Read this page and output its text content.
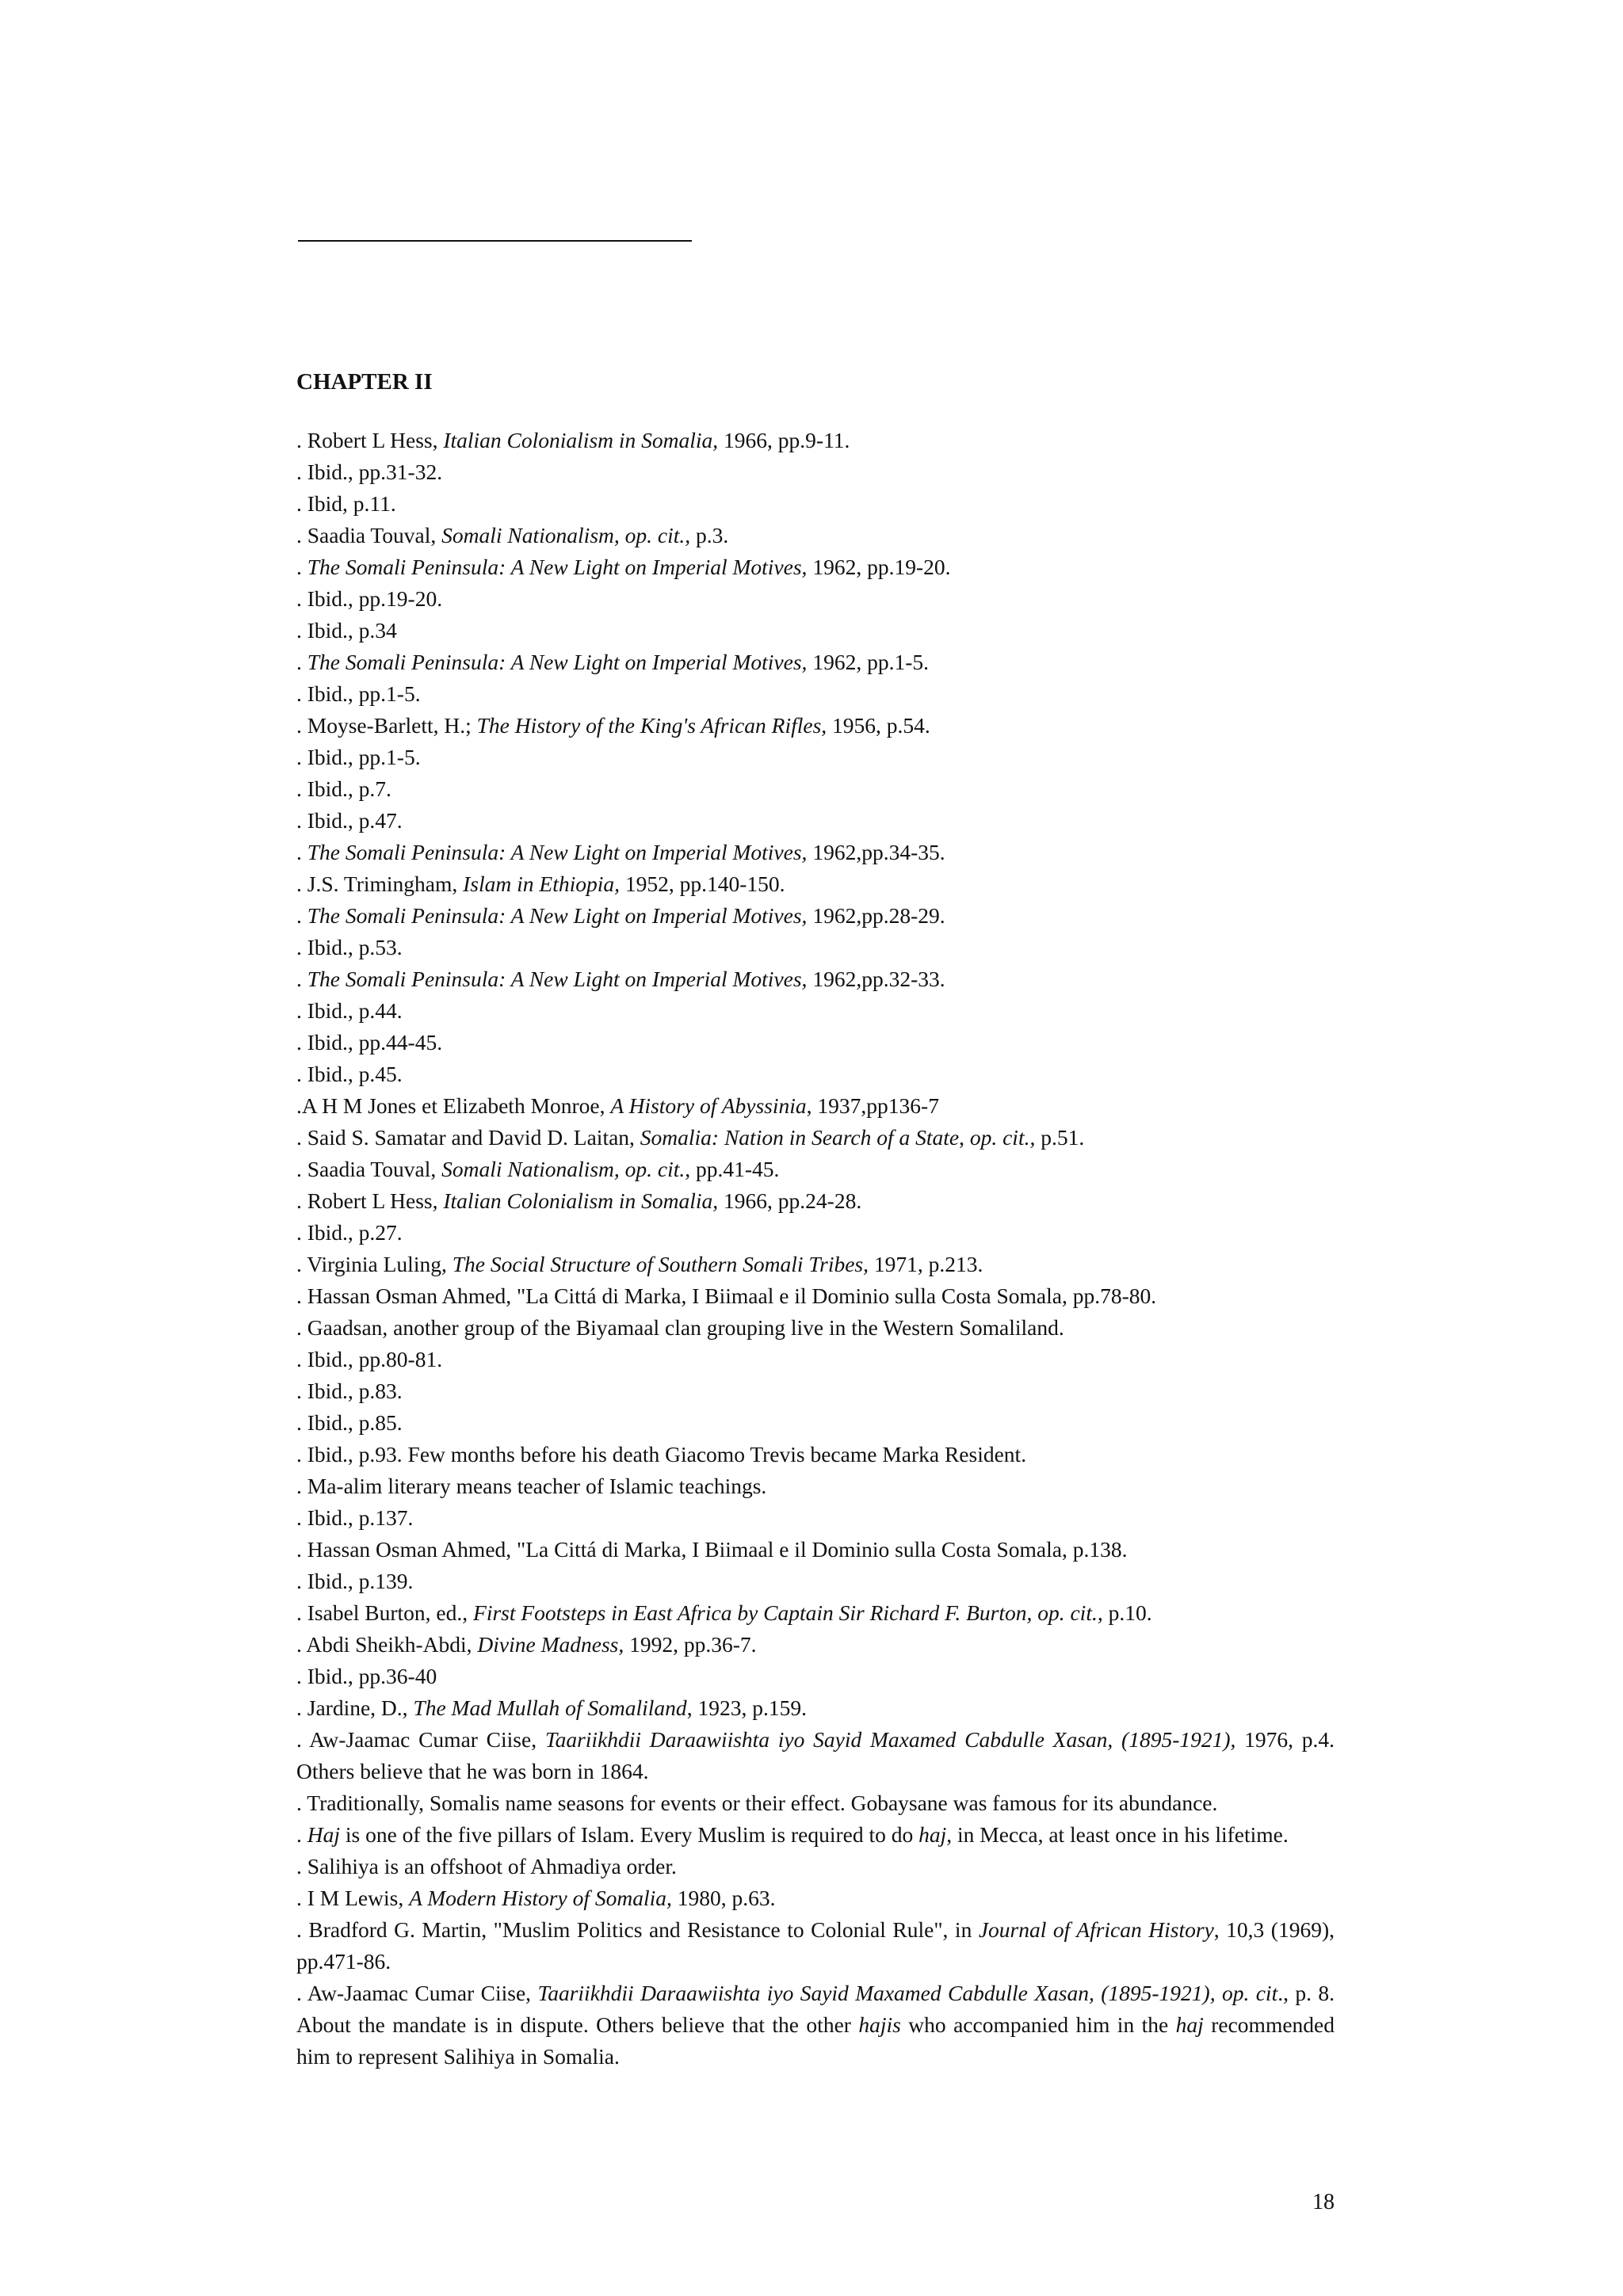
CHAPTER II
. Robert L Hess, Italian Colonialism in Somalia, 1966, pp.9-11.
. Ibid., pp.31-32.
. Ibid, p.11.
. Saadia Touval, Somali Nationalism, op. cit., p.3.
. The Somali Peninsula: A New Light on Imperial Motives, 1962, pp.19-20.
. Ibid., pp.19-20.
. Ibid., p.34
. The Somali Peninsula: A New Light on Imperial Motives, 1962, pp.1-5.
. Ibid., pp.1-5.
. Moyse-Barlett, H.; The History of the King's African Rifles, 1956, p.54.
. Ibid., pp.1-5.
. Ibid., p.7.
. Ibid., p.47.
. The Somali Peninsula: A New Light on Imperial Motives, 1962,pp.34-35.
. J.S. Trimingham, Islam in Ethiopia, 1952, pp.140-150.
. The Somali Peninsula: A New Light on Imperial Motives, 1962,pp.28-29.
. Ibid., p.53.
. The Somali Peninsula: A New Light on Imperial Motives, 1962,pp.32-33.
. Ibid., p.44.
. Ibid., pp.44-45.
. Ibid., p.45.
.A H M Jones et Elizabeth Monroe, A History of Abyssinia, 1937,pp136-7
. Said S. Samatar and David D. Laitan, Somalia: Nation in Search of a State, op. cit., p.51.
. Saadia Touval, Somali Nationalism, op. cit., pp.41-45.
. Robert L Hess, Italian Colonialism in Somalia, 1966, pp.24-28.
. Ibid., p.27.
. Virginia Luling, The Social Structure of Southern Somali Tribes, 1971, p.213.
. Hassan Osman Ahmed, "La Cittá di Marka, I Biimaal e il Dominio sulla Costa Somala, pp.78-80.
. Gaadsan, another group of the Biyamaal clan grouping live in the Western Somaliland.
. Ibid., pp.80-81.
. Ibid., p.83.
. Ibid., p.85.
. Ibid., p.93. Few months before his death Giacomo Trevis became Marka Resident.
. Ma-alim literary means teacher of Islamic teachings.
. Ibid., p.137.
. Hassan Osman Ahmed, "La Cittá di Marka, I Biimaal e il Dominio sulla Costa Somala, p.138.
. Ibid., p.139.
. Isabel Burton, ed., First Footsteps in East Africa by Captain Sir Richard F. Burton, op. cit., p.10.
. Abdi Sheikh-Abdi, Divine Madness, 1992, pp.36-7.
. Ibid., pp.36-40
. Jardine, D., The Mad Mullah of Somaliland, 1923, p.159.
. Aw-Jaamac Cumar Ciise, Taariikhdii Daraawiishta iyo Sayid Maxamed Cabdulle Xasan, (1895-1921), 1976, p.4. Others believe that he was born in 1864.
. Traditionally, Somalis name seasons for events or their effect. Gobaysane was famous for its abundance.
. Haj is one of the five pillars of Islam. Every Muslim is required to do haj, in Mecca, at least once in his lifetime.
. Salihiya is an offshoot of Ahmadiya order.
. I M Lewis, A Modern History of Somalia, 1980, p.63.
. Bradford G. Martin, "Muslim Politics and Resistance to Colonial Rule", in Journal of African History, 10,3 (1969), pp.471-86.
. Aw-Jaamac Cumar Ciise, Taariikhdii Daraawiishta iyo Sayid Maxamed Cabdulle Xasan, (1895-1921), op. cit., p. 8. About the mandate is in dispute. Others believe that the other hajis who accompanied him in the haj recommended him to represent Salihiya in Somalia.
18
